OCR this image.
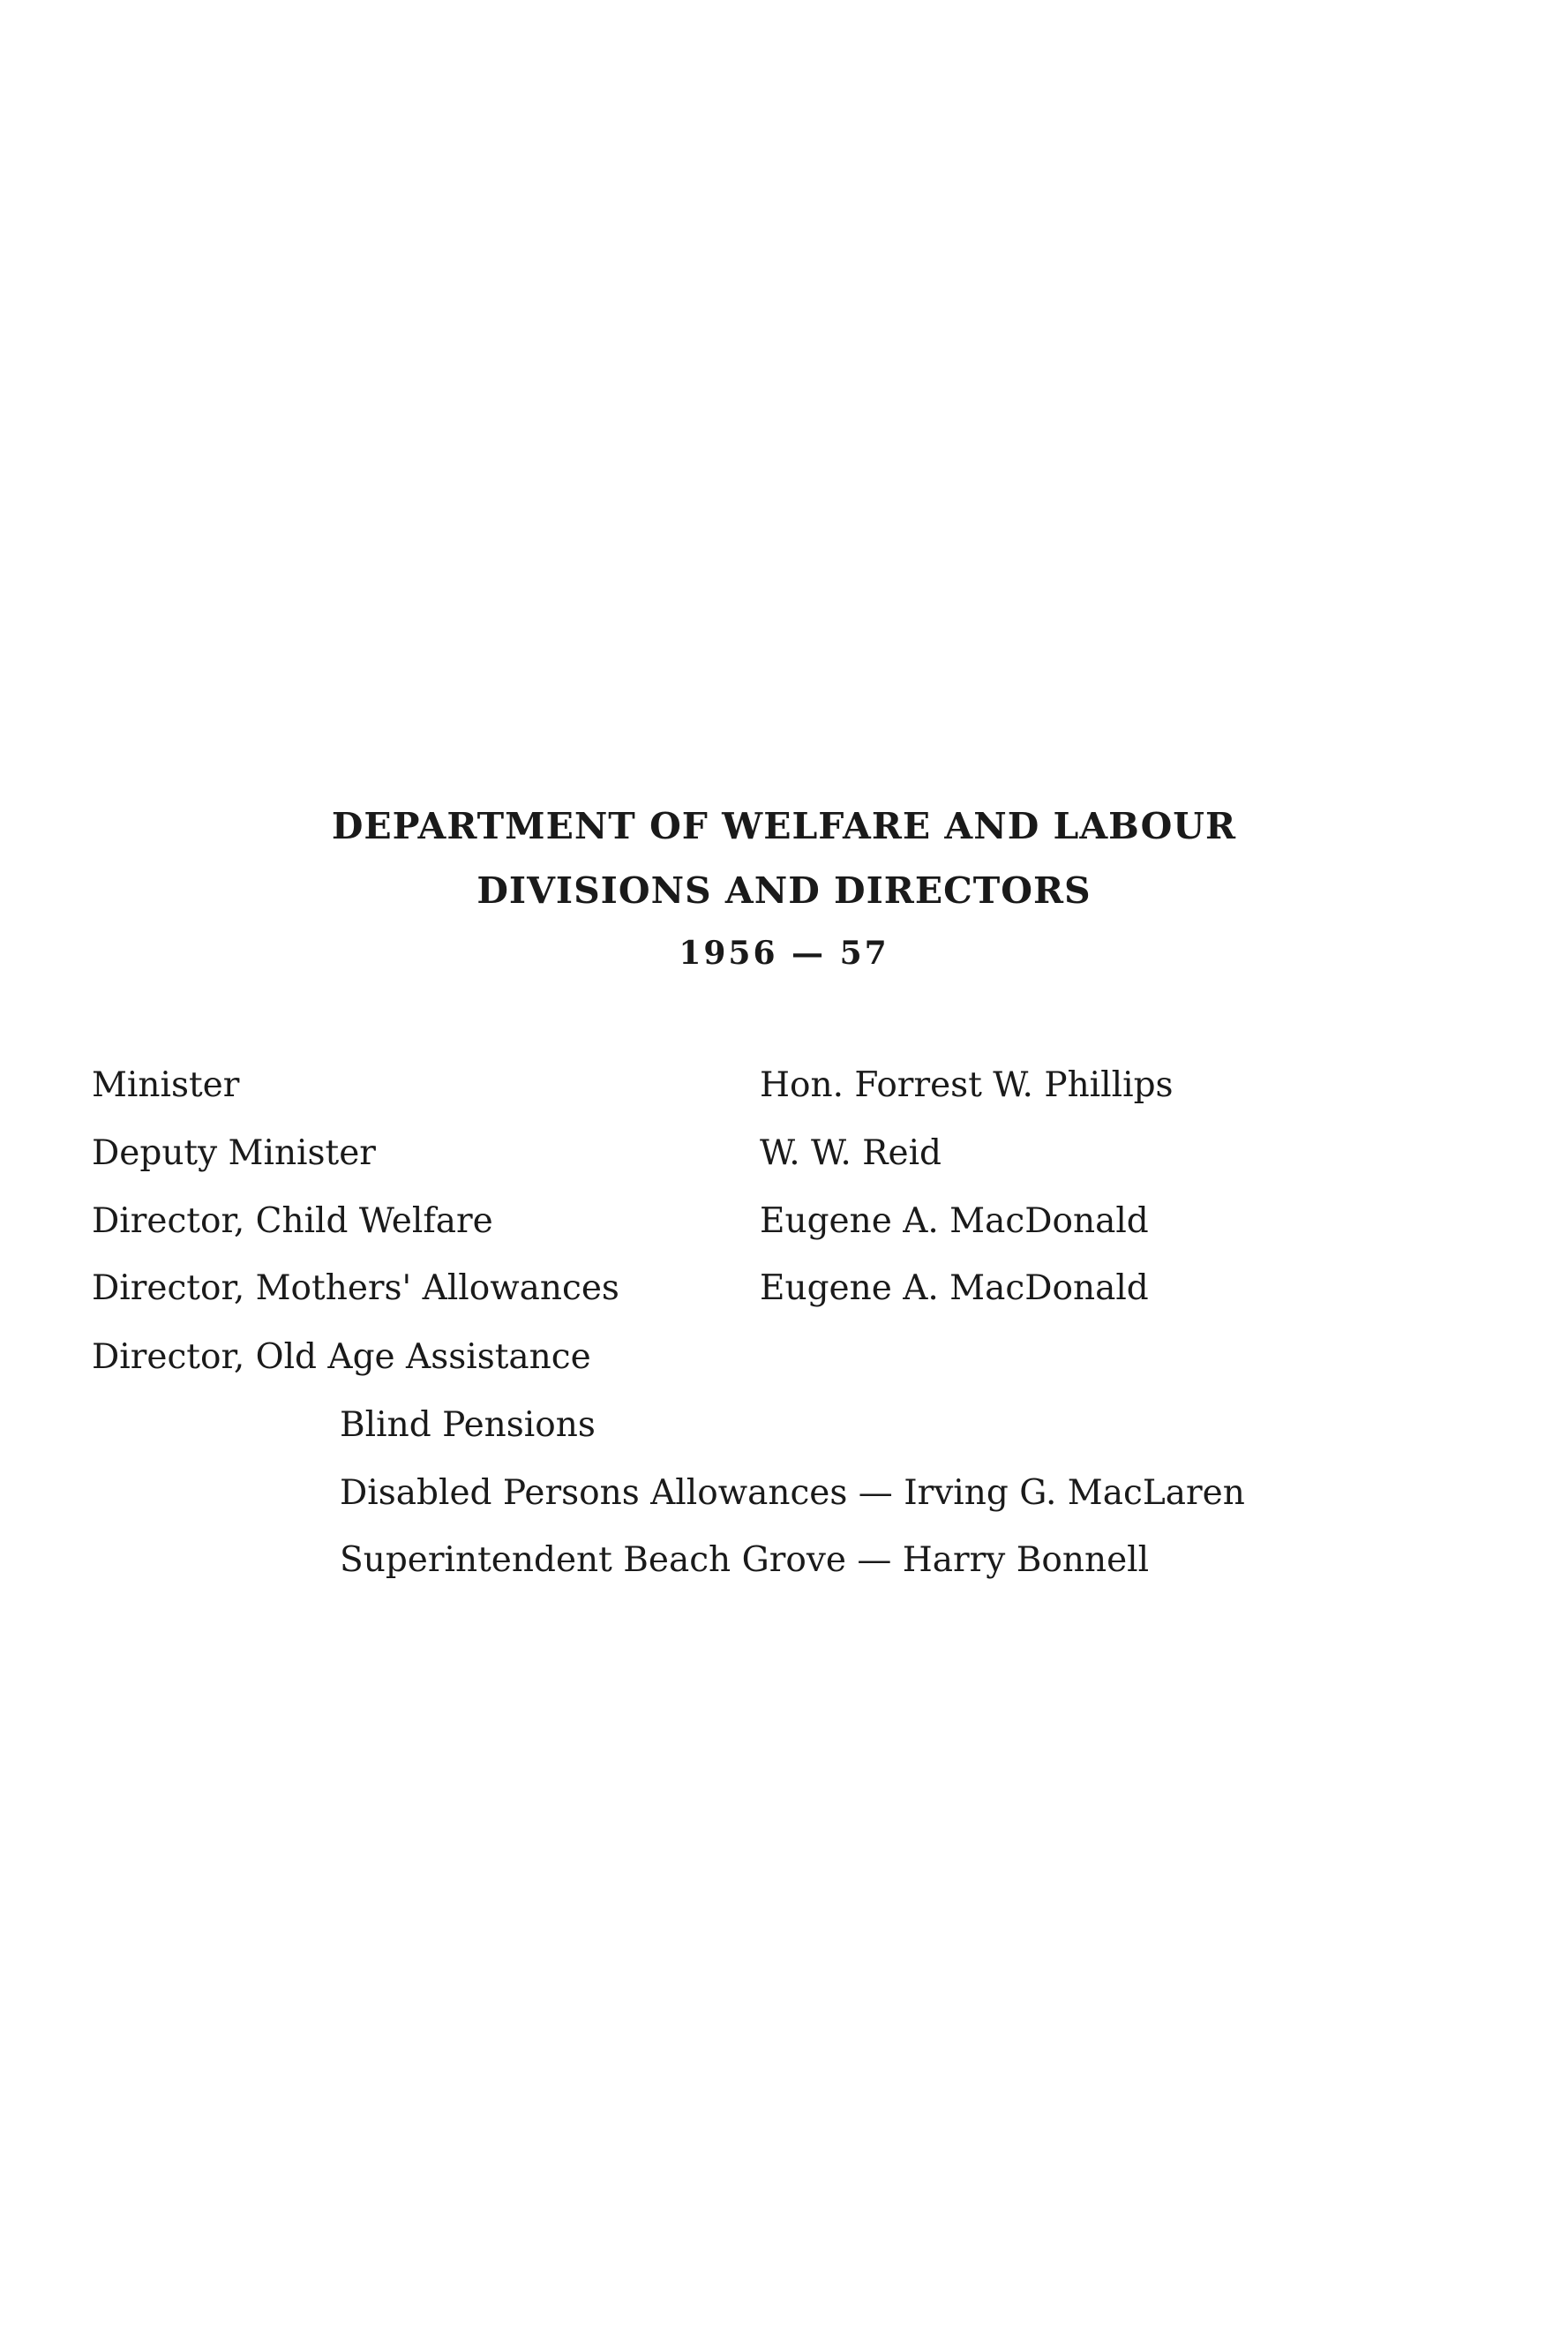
DEPARTMENT OF WELFARE AND LABOUR
DIVISIONS AND DIRECTORS
1956 — 57
Minister	Hon. Forrest W. Phillips
Deputy Minister	W. W. Reid
Director, Child Welfare	Eugene A. MacDonald
Director, Mothers' Allowances	Eugene A. MacDonald
Director, Old Age Assistance
Blind Pensions
Disabled Persons Allowances — Irving G. MacLaren
Superintendent Beach Grove — Harry Bonnell
